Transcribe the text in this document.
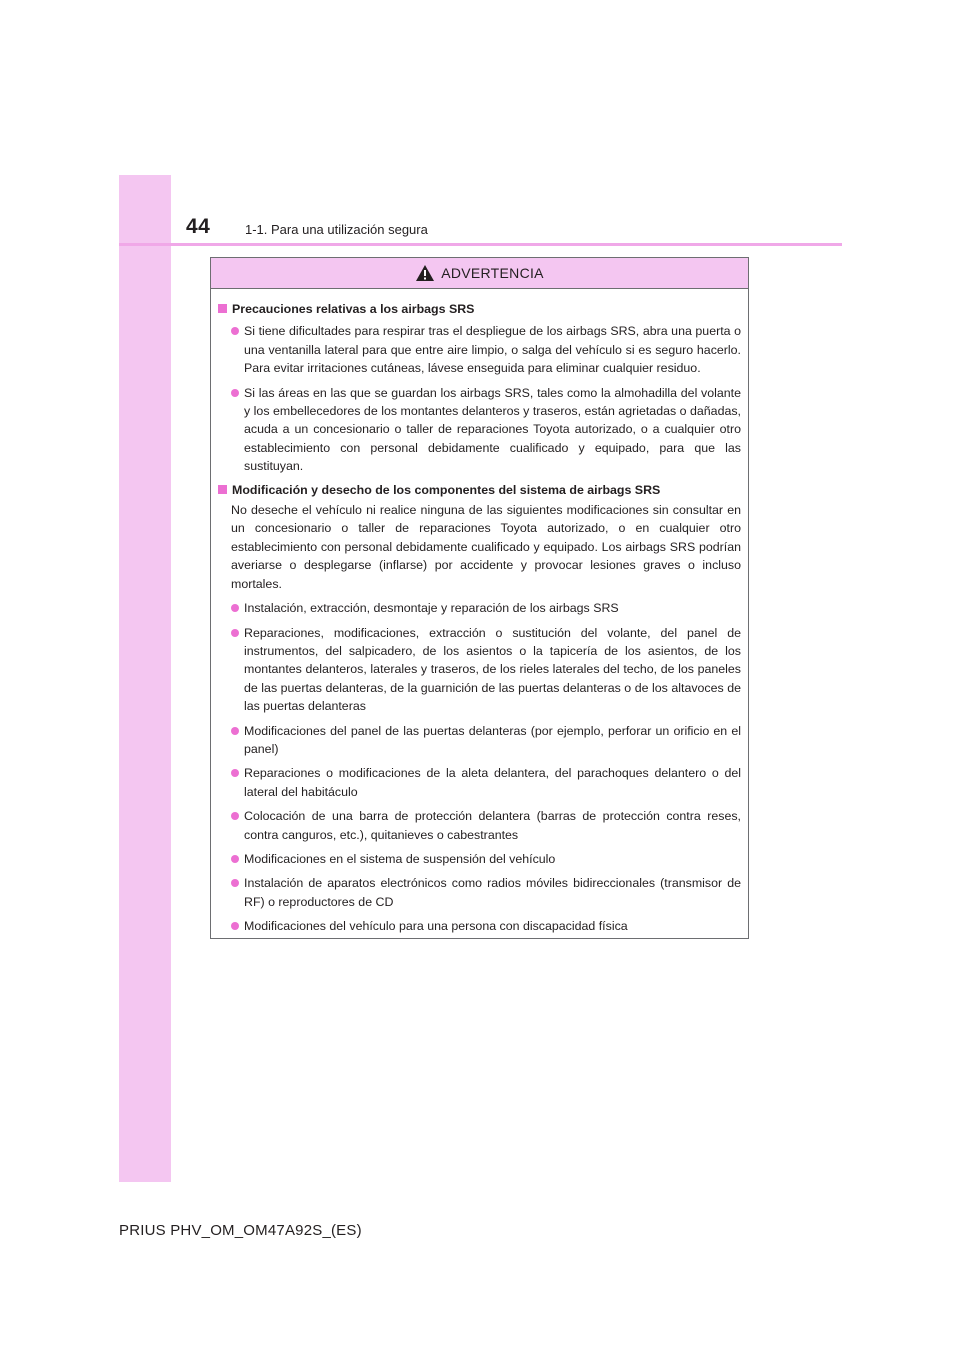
44	1-1. Para una utilización segura
ADVERTENCIA
Precauciones relativas a los airbags SRS
Si tiene dificultades para respirar tras el despliegue de los airbags SRS, abra una puerta o una ventanilla lateral para que entre aire limpio, o salga del vehículo si es seguro hacerlo. Para evitar irritaciones cutáneas, lávese enseguida para eliminar cualquier residuo.
Si las áreas en las que se guardan los airbags SRS, tales como la almohadilla del volante y los embellecedores de los montantes delanteros y traseros, están agrietadas o dañadas, acuda a un concesionario o taller de reparaciones Toyota autorizado, o a cualquier otro establecimiento con personal debidamente cualificado y equipado, para que las sustituyan.
Modificación y desecho de los componentes del sistema de airbags SRS
No deseche el vehículo ni realice ninguna de las siguientes modificaciones sin consultar en un concesionario o taller de reparaciones Toyota autorizado, o en cualquier otro establecimiento con personal debidamente cualificado y equipado. Los airbags SRS podrían averiarse o desplegarse (inflarse) por accidente y provocar lesiones graves o incluso mortales.
Instalación, extracción, desmontaje y reparación de los airbags SRS
Reparaciones, modificaciones, extracción o sustitución del volante, del panel de instrumentos, del salpicadero, de los asientos o la tapicería de los asientos, de los montantes delanteros, laterales y traseros, de los rieles laterales del techo, de los paneles de las puertas delanteras, de la guarnición de las puertas delanteras o de los altavoces de las puertas delanteras
Modificaciones del panel de las puertas delanteras (por ejemplo, perforar un orificio en el panel)
Reparaciones o modificaciones de la aleta delantera, del parachoques delantero o del lateral del habitáculo
Colocación de una barra de protección delantera (barras de protección contra reses, contra canguros, etc.), quitanieves o cabestrantes
Modificaciones en el sistema de suspensión del vehículo
Instalación de aparatos electrónicos como radios móviles bidireccionales (transmisor de RF) o reproductores de CD
Modificaciones del vehículo para una persona con discapacidad física
PRIUS PHV_OM_OM47A92S_(ES)
